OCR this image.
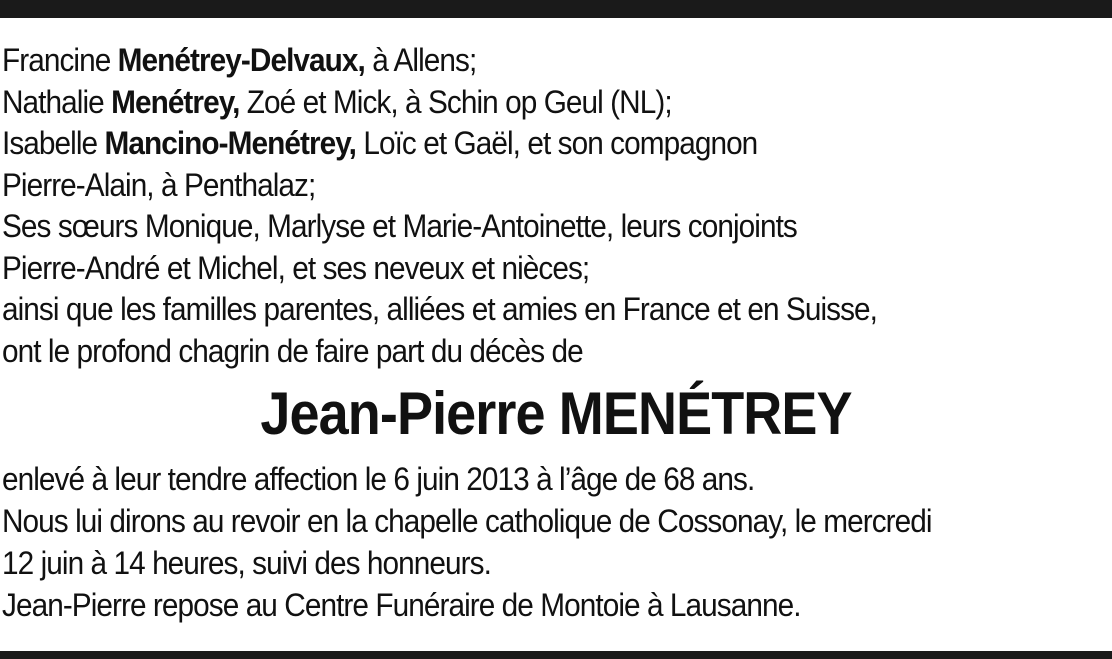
Francine Menétrey-Delvaux, à Allens;
Nathalie Menétrey, Zoé et Mick, à Schin op Geul (NL);
Isabelle Mancino-Menétrey, Loïc et Gaël, et son compagnon
Pierre-Alain, à Penthalaz;
Ses sœurs Monique, Marlyse et Marie-Antoinette, leurs conjoints
Pierre-André et Michel, et ses neveux et nièces;
ainsi que les familles parentes, alliées et amies en France et en Suisse,
ont le profond chagrin de faire part du décès de
Jean-Pierre MENÉTREY
enlevé à leur tendre affection le 6 juin 2013 à l’âge de 68 ans.
Nous lui dirons au revoir en la chapelle catholique de Cossonay, le mercredi
12 juin à 14 heures, suivi des honneurs.
Jean-Pierre repose au Centre Funéraire de Montoie à Lausanne.
